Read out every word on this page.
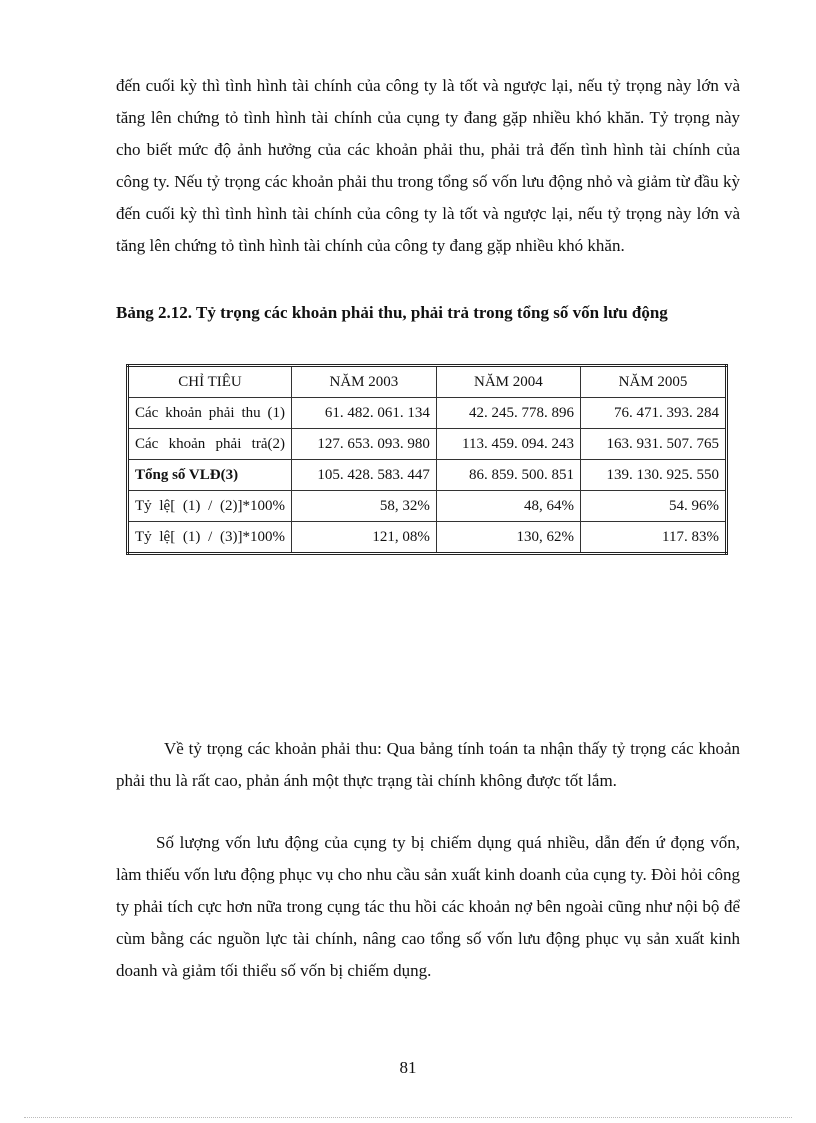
đến cuối kỳ thì tình hình tài chính của công ty là tốt và ngược lại, nếu tỷ trọng này lớn và tăng lên chứng tỏ tình hình tài chính của cụng ty đang gặp nhiều khó khăn. Tỷ trọng này cho biết mức độ ảnh hưởng của các khoản phải thu, phải trả đến tình hình tài chính của công ty. Nếu tỷ trọng các khoản phải thu trong tổng số vốn lưu động nhỏ và giảm từ đầu kỳ đến cuối kỳ thì tình hình tài chính của công ty là tốt và ngược lại, nếu tỷ trọng này lớn và tăng lên chứng tỏ tình hình tài chính của công ty đang gặp nhiều khó khăn.

Bảng 2.12. Tỷ trọng các khoản phải thu, phải trả trong tổng số vốn lưu động

CHỈ TIÊU	NĂM 2003	NĂM 2004	NĂM 2005
Các khoản phải thu (1)	61. 482. 061. 134	42. 245. 778. 896	76. 471. 393. 284
Các khoản phải trả(2)	127. 653. 093. 980	113. 459. 094. 243	163. 931. 507. 765
Tổng số VLĐ(3)	105. 428. 583. 447	86. 859. 500. 851	139. 130. 925. 550
Tỷ lệ[ (1) / (2)]*100%	58, 32%	48, 64%	54. 96%
Tỷ lệ[ (1) / (3)]*100%	121, 08%	130, 62%	117. 83%

Về tỷ trọng các khoản phải thu: Qua bảng tính toán ta nhận thấy tỷ trọng các khoản phải thu là rất cao, phản ánh một thực trạng tài chính không được tốt lắm.

Số lượng vốn lưu động của cụng ty bị chiếm dụng quá nhiều, dẫn đến ứ đọng vốn, làm thiếu vốn lưu động phục vụ cho nhu cầu sản xuất kinh doanh của cụng ty. Đòi hỏi công ty phải tích cực hơn nữa trong cụng tác thu hồi các khoản nợ bên ngoài cũng như nội bộ để cùm bằng các nguồn lực tài chính, nâng cao tổng số vốn lưu động phục vụ sản xuất kinh doanh và giảm tối thiểu số vốn bị chiếm dụng.

81
